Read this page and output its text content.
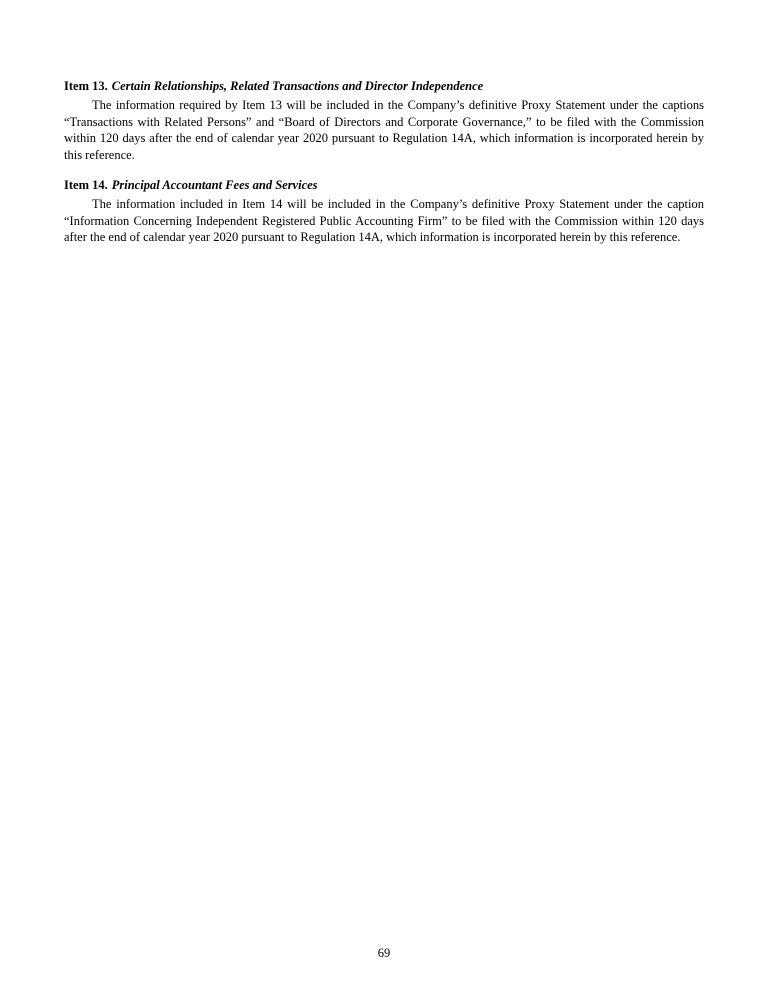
Item 13. Certain Relationships, Related Transactions and Director Independence

The information required by Item 13 will be included in the Company’s definitive Proxy Statement under the captions “Transactions with Related Persons” and “Board of Directors and Corporate Governance,” to be filed with the Commission within 120 days after the end of calendar year 2020 pursuant to Regulation 14A, which information is incorporated herein by this reference.

Item 14. Principal Accountant Fees and Services

The information included in Item 14 will be included in the Company’s definitive Proxy Statement under the caption “Information Concerning Independent Registered Public Accounting Firm” to be filed with the Commission within 120 days after the end of calendar year 2020 pursuant to Regulation 14A, which information is incorporated herein by this reference.

69
